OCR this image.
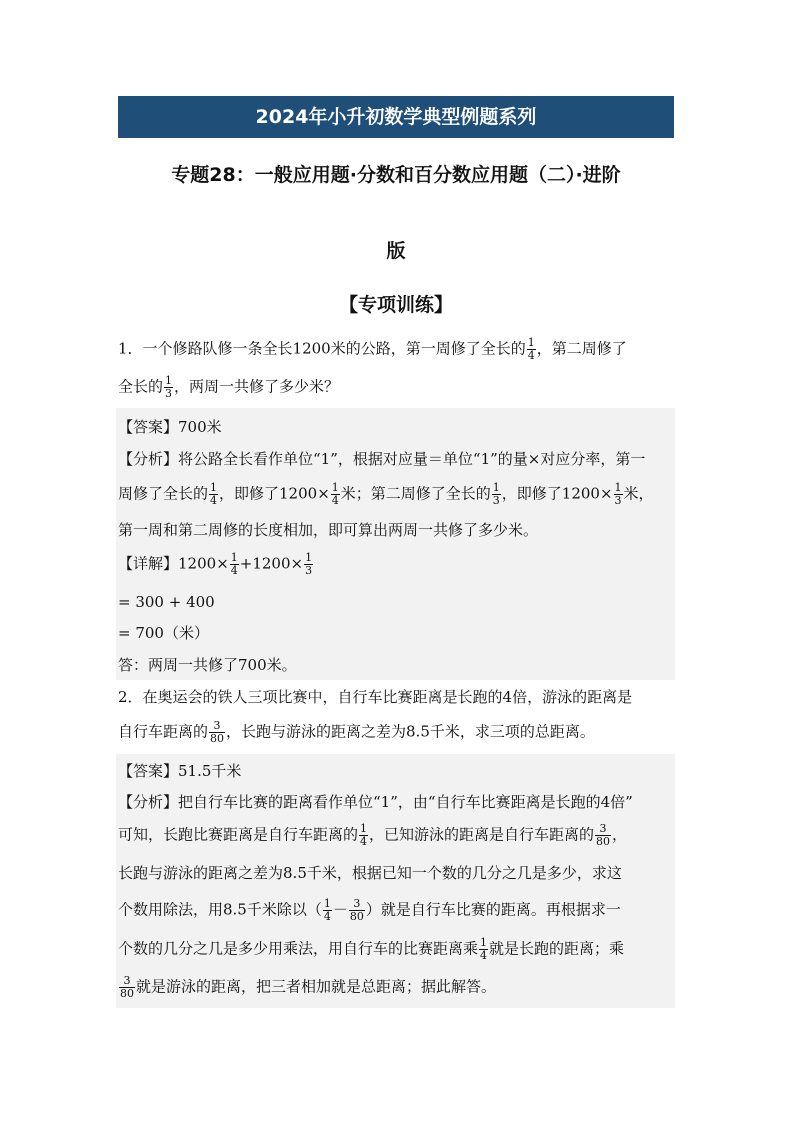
2024年小升初数学典型例题系列
专题28：一般应用题·分数和百分数应用题（二）·进阶
版
【专项训练】
1．一个修路队修一条全长1200米的公路，第一周修了全长的 $\frac{1}{4}$ ，第二周修了
全长的 $\frac{1}{3}$ ，两周一共修了多少米？
【答案】700米
【分析】将公路全长看作单位“1”，根据对应量＝单位“1”的量×对应分率，第一
周修了全长的 $\frac{1}{4}$ ，即修了$1200\times \frac{1}{4}$ 米；第二周修了全长的 $\frac{1}{3}$ ，即修了$1200\times \frac{1}{3}$ 米，
第一周和第二周修的长度相加，即可算出两周一共修了多少米。
【详解】$1200\times \frac{1}{4} +1200\times \frac{1}{3}$
= 300 + 400
= 700（米）
答：两周一共修了700米。
2．在奥运会的铁人三项比赛中，自行车比赛距离是长跑的4倍，游泳的距离是
自行车距离的 $\frac{3}{80}$ ，长跑与游泳的距离之差为8.5千米，求三项的总距离。
【答案】51.5千米
【分析】把自行车比赛的距离看作单位“1”，由“自行车比赛距离是长跑的4倍”
可知，长跑比赛距离是自行车距离的 $\frac{1}{4}$ ，已知游泳的距离是自行车距离的 $\frac{3}{80}$ ，
长跑与游泳的距离之差为8.5千米，根据已知一个数的几分之几是多少，求这
个数用除法，用8.5千米除以（ $\frac{1}{4} - \frac{3}{80}$ ）就是自行车比赛的距离。再根据求一
个数的几分之几是多少用乘法，用自行车的比赛距离乘 $\frac{1}{4}$ 就是长跑的距离；乘
$\frac{3}{80}$ 就是游泳的距离，把三者相加就是总距离；据此解答。
